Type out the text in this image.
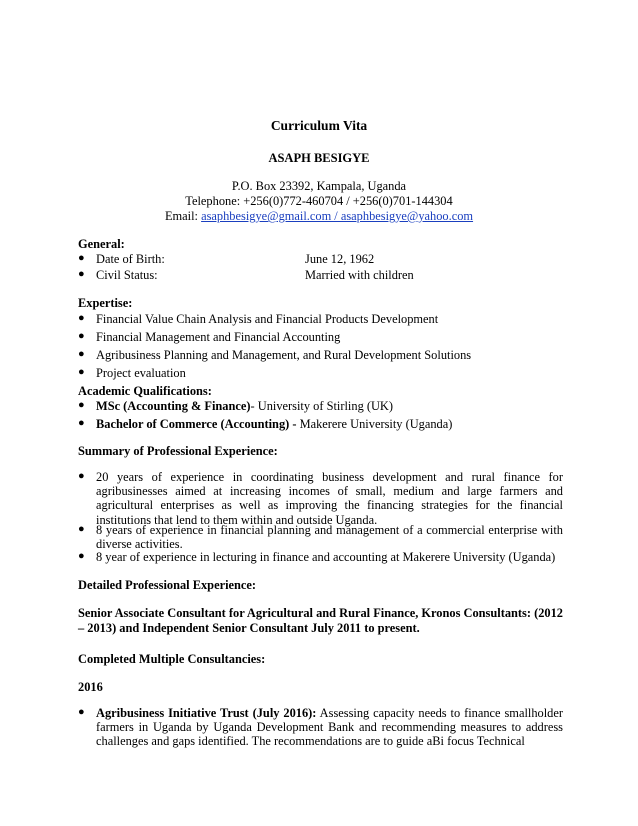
Curriculum Vita
ASAPH BESIGYE
P.O. Box 23392, Kampala, Uganda
Telephone: +256(0)772-460704 / +256(0)701-144304
Email: asaphbesigye@gmail.com / asaphbesigye@yahoo.com
General:
● Date of Birth:	June 12, 1962
● Civil Status:	Married with children
Expertise:
● Financial Value Chain Analysis and Financial Products Development
● Financial Management and Financial Accounting
● Agribusiness Planning and Management, and Rural Development Solutions
● Project evaluation
Academic Qualifications:
● MSc (Accounting & Finance)- University of Stirling (UK)
● Bachelor of Commerce (Accounting) - Makerere University (Uganda)
Summary of Professional Experience:
● 20 years of experience in coordinating business development and rural finance for agribusinesses aimed at increasing incomes of small, medium and large farmers and agricultural enterprises as well as improving the financing strategies for the financial institutions that lend to them within and outside Uganda.
● 8 years of experience in financial planning and management of a commercial enterprise with diverse activities.
● 8 year of experience in lecturing in finance and accounting at Makerere University (Uganda)
Detailed Professional Experience:
Senior Associate Consultant for Agricultural and Rural Finance, Kronos Consultants: (2012 – 2013) and Independent Senior Consultant July 2011 to present.
Completed Multiple Consultancies:
2016
● Agribusiness Initiative Trust (July 2016): Assessing capacity needs to finance smallholder farmers in Uganda by Uganda Development Bank and recommending measures to address challenges and gaps identified. The recommendations are to guide aBi focus Technical
